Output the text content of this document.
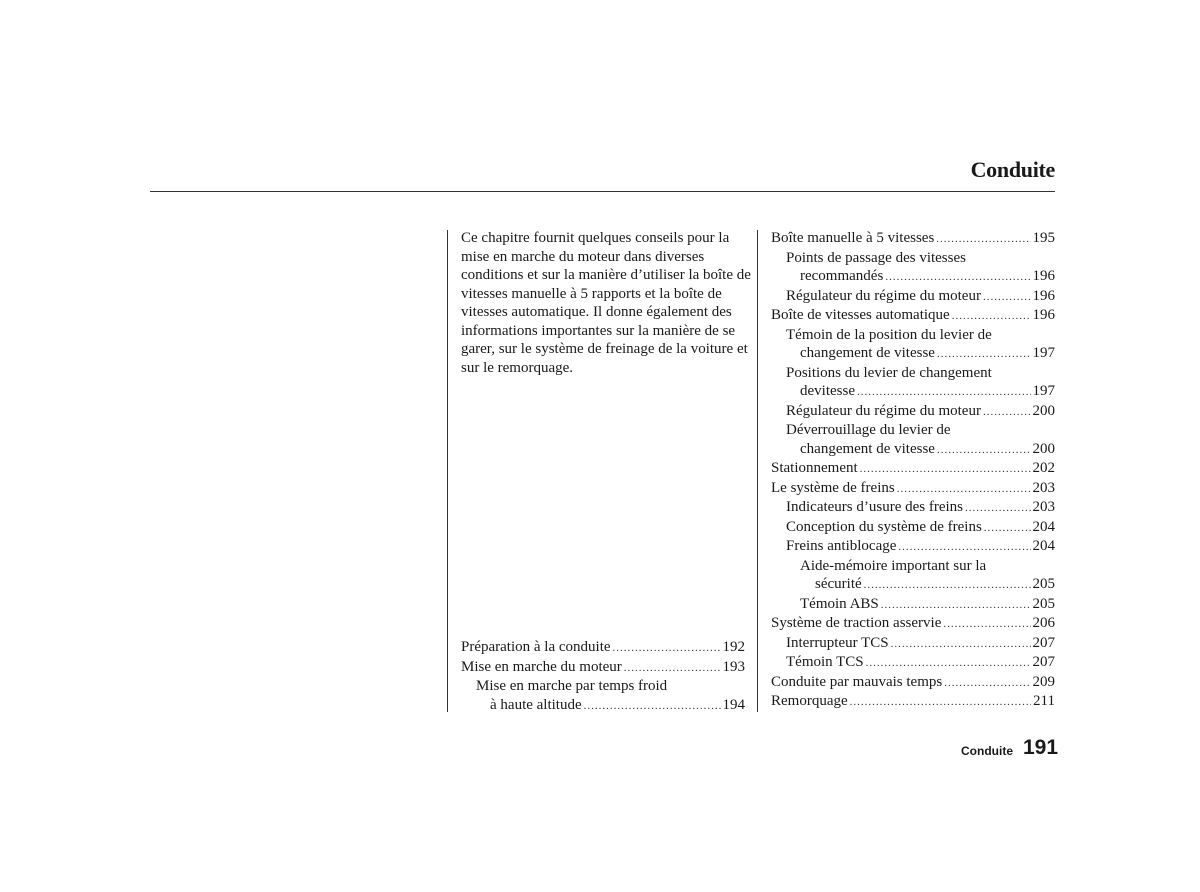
Conduite
Ce chapitre fournit quelques conseils pour la mise en marche du moteur dans diverses conditions et sur la manière d’utiliser la boîte de vitesses manuelle à 5 rapports et la boîte de vitesses automatique. Il donne également des informations importantes sur la manière de se garer, sur le système de freinage de la voiture et sur le remorquage.
Préparation à la conduite .....	192
Mise en marche du moteur .....	193
Mise en marche par temps froid
à haute altitude .....	194
Boîte manuelle à 5 vitesses .....	195
Points de passage des vitesses
recommandés .....	196
Régulateur du régime du moteur .....	196
Boîte de vitesses automatique .....	196
Témoin de la position du levier de
changement de vitesse .....	197
Positions du levier de changement
devitesse .....	197
Régulateur du régime du moteur .....	200
Déverrouillage du levier de
changement de vitesse .....	200
Stationnement .....	202
Le système de freins .....	203
Indicateurs d’usure des freins .....	203
Conception du système de freins .....	204
Freins antiblocage .....	204
Aide-mémoire important sur la
sécurité .....	205
Témoin ABS .....	205
Système de traction asservie .....	206
Interrupteur TCS .....	207
Témoin TCS .....	207
Conduite par mauvais temps .....	209
Remorquage .....	211
Conduite 191
